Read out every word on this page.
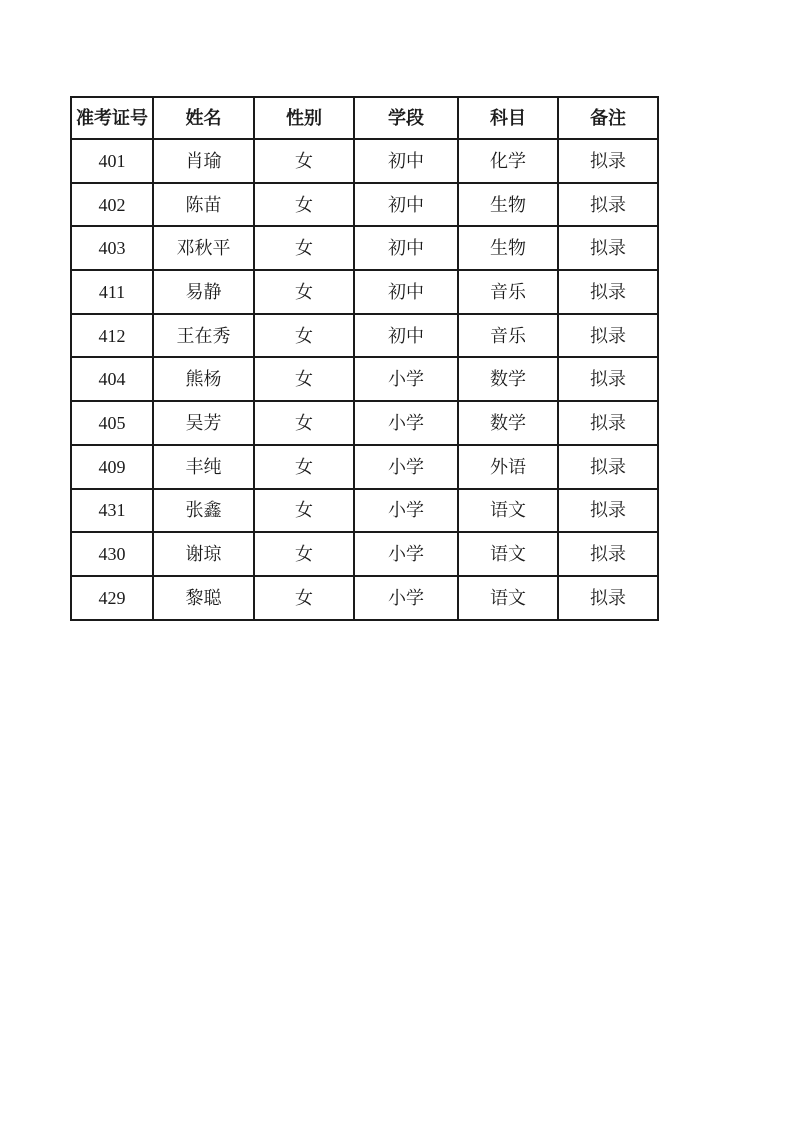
准考证号	姓名	性别	学段	科目	备注
401	肖瑜	女	初中	化学	拟录
402	陈苗	女	初中	生物	拟录
403	邓秋平	女	初中	生物	拟录
411	易静	女	初中	音乐	拟录
412	王在秀	女	初中	音乐	拟录
404	熊杨	女	小学	数学	拟录
405	吴芳	女	小学	数学	拟录
409	丰纯	女	小学	外语	拟录
431	张鑫	女	小学	语文	拟录
430	谢琼	女	小学	语文	拟录
429	黎聪	女	小学	语文	拟录
